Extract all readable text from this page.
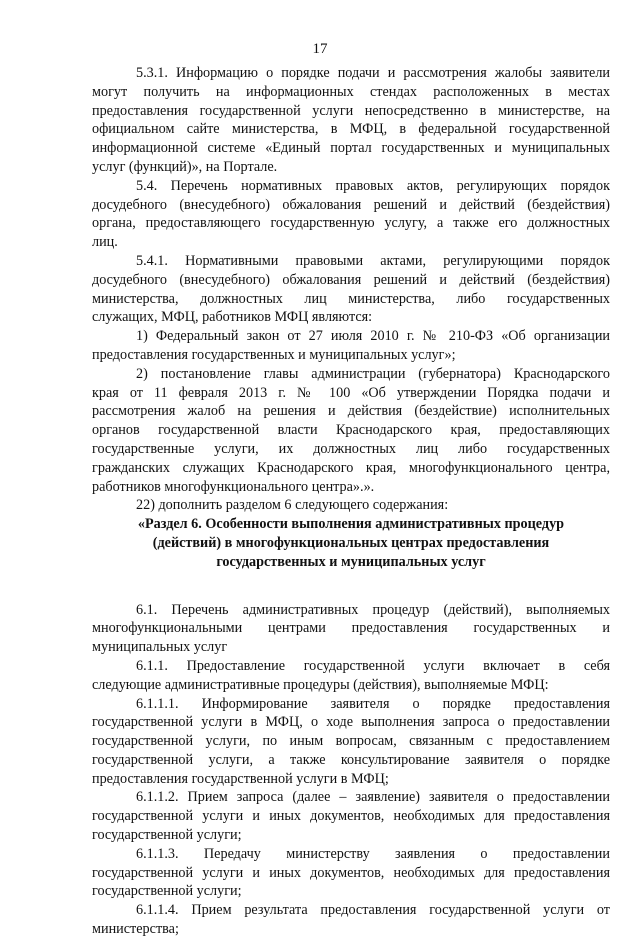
17
5.3.1. Информацию о порядке подачи и рассмотрения жалобы заявители
могут получить на информационных стендах расположенных в местах
предоставления государственной услуги непосредственно в министерстве, на
официальном сайте министерства, в МФЦ, в федеральной государственной
информационной системе «Единый портал государственных и муниципальных
услуг (функций)», на Портале.
5.4. Перечень нормативных правовых актов, регулирующих порядок
досудебного (внесудебного) обжалования решений и действий (бездействия)
органа, предоставляющего государственную услугу, а также его должностных
лиц.
5.4.1. Нормативными правовыми актами, регулирующими порядок
досудебного (внесудебного) обжалования решений и действий (бездействия)
министерства, должностных лиц министерства, либо государственных
служащих, МФЦ, работников МФЦ являются:
1) Федеральный закон от 27 июля 2010 г. № 210-ФЗ «Об организации
предоставления государственных и муниципальных услуг»;
2) постановление главы администрации (губернатора) Краснодарского
края от 11 февраля 2013 г. № 100 «Об утверждении Порядка подачи и
рассмотрения жалоб на решения и действия (бездействие) исполнительных
органов государственной власти Краснодарского края, предоставляющих
государственные услуги, их должностных лиц либо государственных
гражданских служащих Краснодарского края, многофункционального центра,
работников многофункционального центра».».
22) дополнить разделом 6 следующего содержания:
«Раздел 6. Особенности выполнения административных процедур
(действий) в многофункциональных центрах предоставления
государственных и муниципальных услуг
6.1. Перечень административных процедур (действий), выполняемых
многофункциональными центрами предоставления государственных и
муниципальных услуг
6.1.1. Предоставление государственной услуги включает в себя
следующие административные процедуры (действия), выполняемые МФЦ:
6.1.1.1. Информирование заявителя о порядке предоставления
государственной услуги в МФЦ, о ходе выполнения запроса о предоставлении
государственной услуги, по иным вопросам, связанным с предоставлением
государственной услуги, а также консультирование заявителя о порядке
предоставления государственной услуги в МФЦ;
6.1.1.2. Прием запроса (далее – заявление) заявителя о предоставлении
государственной услуги и иных документов, необходимых для предоставления
государственной услуги;
6.1.1.3. Передачу министерству заявления о предоставлении
государственной услуги и иных документов, необходимых для предоставления
государственной услуги;
6.1.1.4. Прием результата предоставления государственной услуги от
министерства;
